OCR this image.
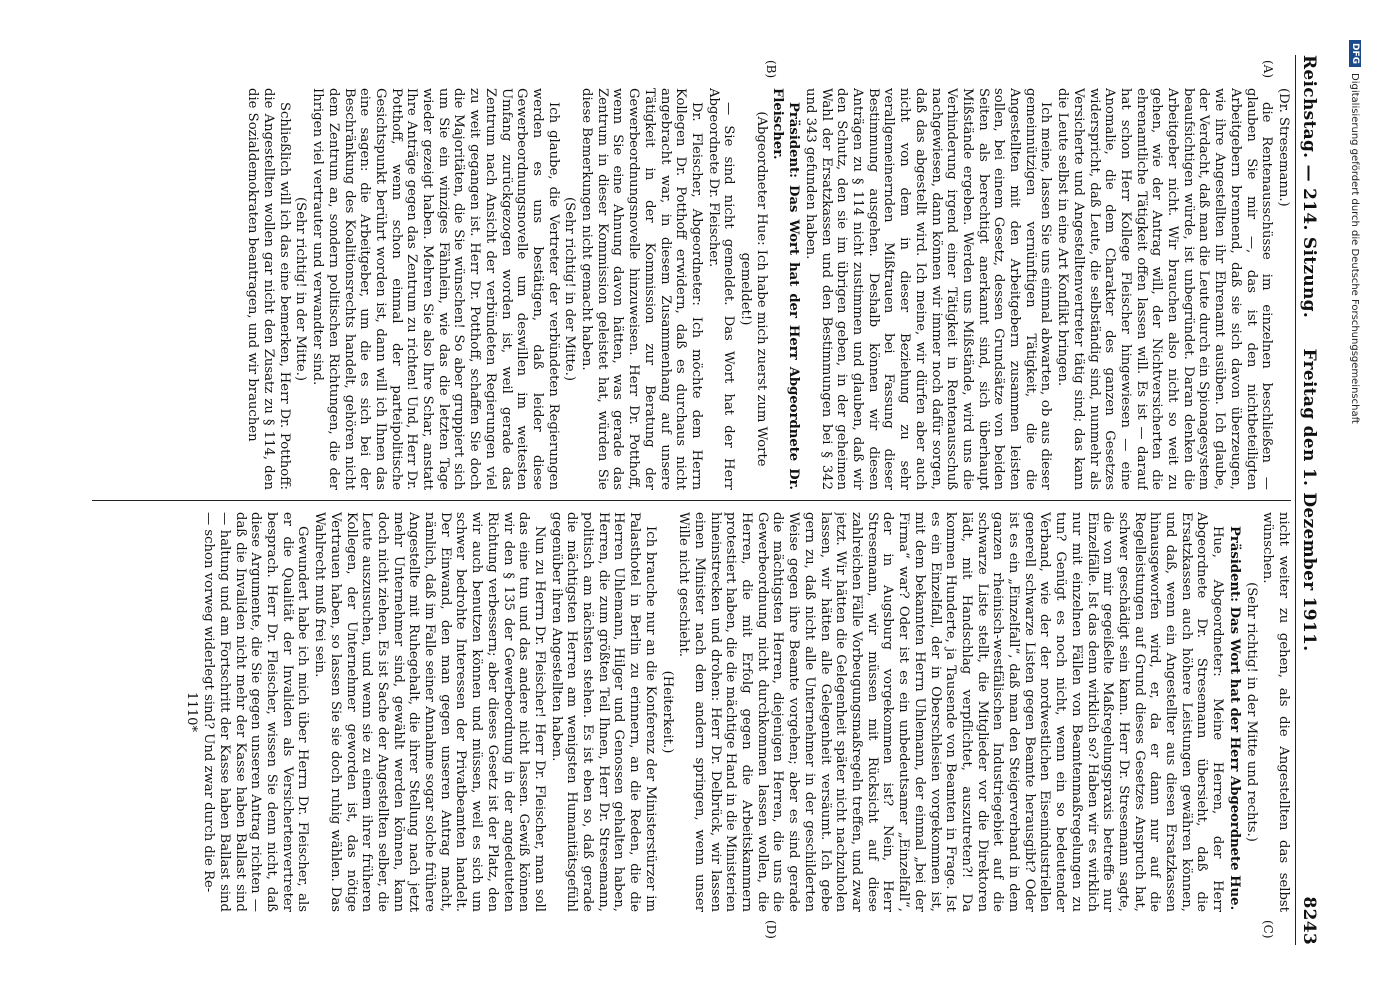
DFG
Digitalisierung gefördert durch die Deutsche Forschungsgemeinschaft
Reichstag. — 214. Sitzung.
Freitag den 1. Dezember 1911.
8243
(A)
(B)
(C)
(D)

(Dr. Stresemann.)

die Rentenausschüsse im einzelnen beschließen — glauben Sie mir —, das ist den nichtbeteiligten Arbeitgebern brennend, daß sie sich davon überzeugen, wie ihre Angestellten ihr Ehrenamt ausüben. Ich glaube, der Verdacht, daß man die Leute durch ein Spionagesystem beaufsichtigen würde, ist unbegründet. Daran denken die Arbeitgeber nicht. Wir brauchen also nicht so weit zu gehen, wie der Antrag will, der Nichtversicherten die ehrenamtliche Tätigkeit offen lassen will. Es ist — darauf hat schon Herr Kollege Fleischer hingewiesen — eine Anomalie, die dem Charakter des ganzen Gesetzes widerspricht, daß Leute, die selbständig sind, nunmehr als Versicherte und Angestelltenvertreter tätig sind; das kann die Leute selbst in eine Art Konflikt bringen.

Ich meine, lassen Sie uns einmal abwarten, ob aus dieser gemeinnützigen vernünftigen Tätigkeit, die die Angestellten mit den Arbeitgebern zusammen leisten sollen, bei einem Gesetz, dessen Grundsätze von beiden Seiten als berechtigt anerkannt sind, sich überhaupt Mißstände ergeben. Werden uns Mißstände, wird uns die Verhinderung irgend einer Tätigkeit in Rentenausschuß nachgewiesen, dann können wir immer noch dafür sorgen, daß das abgestellt wird. Ich meine, wir dürfen aber auch nicht von dem in dieser Beziehung zu sehr verallgemeinernden Mißtrauen bei Fassung dieser Bestimmung ausgehen. Deshalb können wir diesen Anträgen zu § 114 nicht zustimmen und glauben, daß wir den Schutz, den sie im übrigen geben, in der geheimen Wahl der Ersatzkassen und den Bestimmungen bei § 342 und 343 gefunden haben.

Präsident: Das Wort hat der Herr Abgeordnete Dr. Fleischer.

(Abgeordneter Hue: Ich habe mich zuerst zum Worte gemeldet!)

— Sie sind nicht gemeldet. Das Wort hat der Herr Abgeordnete Dr. Fleischer.

Dr. Fleischer, Abgeordneter: Ich möchte dem Herrn Kollegen Dr. Potthoff erwidern, daß es durchaus nicht angebracht war, in diesem Zusammenhang auf unsere Tätigkeit in der Kommission zur Beratung der Gewerbeordnungsnovelle hinzuweisen. Herr Dr. Potthoff, wenn Sie eine Ahnung davon hätten, was gerade das Zentrum in dieser Kommission geleistet hat, würden Sie diese Bemerkungen nicht gemacht haben.

(Sehr richtig! in der Mitte.)

Ich glaube, die Vertreter der verbündeten Regierungen werden es uns bestätigen, daß leider diese Gewerbeordnungsnovelle um deswillen im weitesten Umfang zurückgezogen worden ist, weil gerade das Zentrum nach Ansicht der verbündeten Regierungen viel zu weit gegangen ist. Herr Dr. Potthoff, schaffen Sie doch die Majoritäten, die Sie wünschen! So aber gruppiert sich um Sie ein winziges Fähnlein, wie das die letzten Tage wieder gezeigt haben. Mehren Sie also Ihre Schar, anstatt Ihre Anträge gegen das Zentrum zu richten! Und, Herr Dr. Potthoff, wenn schon einmal der parteipolitische Gesichtspunkt berührt worden ist, dann will ich Ihnen das eine sagen: die Arbeitgeber, um die es sich bei der Beschränkung des Koalitionsrechts handelt, gehören nicht dem Zentrum an, sondern politischen Richtungen, die der Ihrigen viel vertrauter und verwandter sind.

(Sehr richtig! in der Mitte.)

Schließlich will ich das eine bemerken, Herr Dr. Potthoff: die Angestellten wollen gar nicht den Zusatz zu § 114, den die Sozialdemokraten beantragen, und wir brauchen

nicht weiter zu gehen, als die Angestellten das selbst wünschen.

(Sehr richtig! in der Mitte und rechts.)

Präsident: Das Wort hat der Herr Abgeordnete Hue.

Hue, Abgeordneter: Meine Herren, der Herr Abgeordnete Dr. Stresemann übersieht, daß die Ersatzkassen auch höhere Leistungen gewähren können, und daß, wenn ein Angestellter aus diesen Ersatzkassen hinausgeworfen wird, er, da er dann nur auf die Regelleistungen auf Grund dieses Gesetzes Anspruch hat, schwer geschädigt sein kann. Herr Dr. Stresemann sagte, die von mir gegeißelte Maßregelungspraxis betreffe nur Einzelfälle. Ist das denn wirklich so? Haben wir es wirklich nur mit einzelnen Fällen von Beamtenmaßregelungen zu tun? Genügt es noch nicht, wenn ein so bedeutender Verband, wie der der nordwestlichen Eisenindustriellen generell schwarze Listen gegen Beamte herausgibt? Oder ist es ein „Einzelfall“, daß man den Steigerverband in dem ganzen rheinisch-westfälischen Industriegebiet auf die schwarze Liste stellt, die Mitglieder vor die Direktoren lädt, mit Handschlag verpflichtet, auszutreten?! Da kommen Hunderte, ja Tausende von Beamten in Frage. Ist es ein Einzelfall, der in Oberschlesien vorgekommen ist, mit dem bekannten Herrn Uhlemann, der einmal „bei der Firma“ war? Oder ist es ein unbedeutsamer „Einzelfall“, der in Augsburg vorgekommen ist? Nein, Herr Stresemann, wir müssen mit Rücksicht auf diese zahlreichen Fälle Vorbeugungsmaßregeln treffen, und zwar jetzt. Wir hätten die Gelegenheit später nicht nachzuholen lassen, wir hätten alle Gelegenheit versäumt. Ich gebe gern zu, daß nicht alle Unternehmer in der geschilderten Weise gegen ihre Beamte vorgehen; aber es sind gerade die mächtigsten Herren, diejenigen Herren, die uns die Gewerbeordnung nicht durchkommen lassen wollen, die Herren, die mit Erfolg gegen die Arbeitskammern protestiert haben, die die mächtige Hand in die Ministerien hineinstrecken und drohen: Herr Dr. Delbrück, wir lassen einen Minister nach dem andern springen, wenn unser Wille nicht geschieht.

(Heiterkeit.)

Ich brauche nur an die Konferenz der Ministerstürzer im Palasthotel in Berlin zu erinnern, an die Reden, die die Herren Uhlemann, Hilger und Genossen gehalten haben, Herren, die zum größten Teil Ihnen, Herr Dr. Stresemann, politisch am nächsten stehen. Es ist eben so, daß gerade die mächtigsten Herren am wenigsten Humanitätsgefühl gegenüber ihren Angestellten haben.

Nun zu Herrn Dr. Fleischer! Herr Dr. Fleischer, man soll das eine tun und das andere nicht lassen. Gewiß können wir den § 135 der Gewerbeordnung in der angedeuteten Richtung verbessern; aber dieses Gesetz ist der Platz, den wir auch benutzen können und müssen, weil es sich um schwer bedrohte Interessen der Privatbeamten handelt. Der Einwand, den man gegen unseren Antrag macht, nämlich, daß im Falle seiner Annahme sogar solche frühere Angestellte mit Ruhegehalt, die ihrer Stellung nach jetzt mehr Unternehmer sind, gewählt werden können, kann doch nicht ziehen. Es ist Sache der Angestellten selber, die Leute auszusuchen, und wenn sie zu einem ihrer früheren Kollegen, der Unternehmer geworden ist, das nötige Vertrauen haben, so lassen Sie sie doch ruhig wählen. Das Wahlrecht muß frei sein.

Gewundert habe ich mich über Herrn Dr. Fleischer, als er die Qualität der Invaliden als Versichertenvertreter besprach. Herr Dr. Fleischer, wissen Sie denn nicht, daß diese Argumente, die Sie gegen unseren Antrag richten — daß die Invaliden nicht mehr der Kasse haben Ballast sind — haltung und am Fortschritt der Kasse haben Ballast sind — schon vorweg widerlegt sind? Und zwar durch die Re-

1110*
